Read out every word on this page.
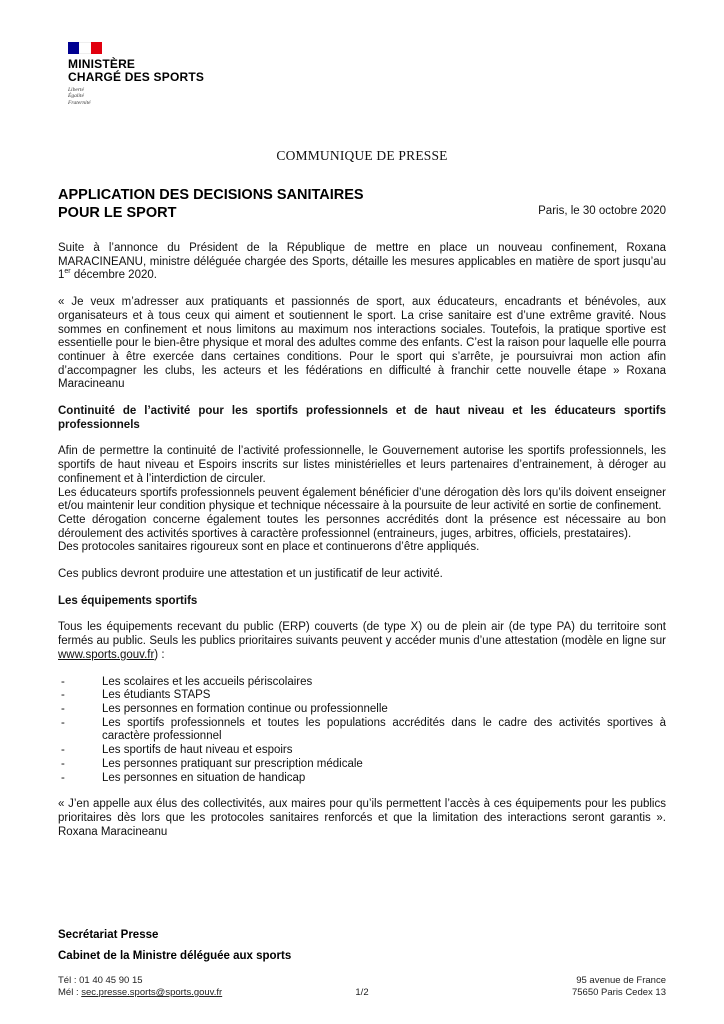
MINISTÈRE
CHARGÉ DES SPORTS
Liberté
Égalité
Fraternité
COMMUNIQUE DE PRESSE
APPLICATION DES DECISIONS SANITAIRES
POUR LE SPORT	Paris, le 30 octobre 2020

Suite à l’annonce du Président de la République de mettre en place un nouveau confinement, Roxana MARACINEANU, ministre déléguée chargée des Sports, détaille les mesures applicables en matière de sport jusqu’au 1er décembre 2020.

« Je veux m’adresser aux pratiquants et passionnés de sport, aux éducateurs, encadrants et bénévoles, aux organisateurs et à tous ceux qui aiment et soutiennent le sport. La crise sanitaire est d’une extrême gravité. Nous sommes en confinement et nous limitons au maximum nos interactions sociales. Toutefois, la pratique sportive est essentielle pour le bien-être physique et moral des adultes comme des enfants. C’est la raison pour laquelle elle pourra continuer à être exercée dans certaines conditions. Pour le sport qui s’arrête, je poursuivrai mon action afin d’accompagner les clubs, les acteurs et les fédérations en difficulté à franchir cette nouvelle étape » Roxana Maracineanu

Continuité de l’activité pour les sportifs professionnels et de haut niveau et les éducateurs sportifs professionnels

Afin de permettre la continuité de l’activité professionnelle, le Gouvernement autorise les sportifs professionnels, les sportifs de haut niveau et Espoirs inscrits sur listes ministérielles et leurs partenaires d’entrainement, à déroger au confinement et à l’interdiction de circuler.

Les éducateurs sportifs professionnels peuvent également bénéficier d’une dérogation dès lors qu’ils doivent enseigner et/ou maintenir leur condition physique et technique nécessaire à la poursuite de leur activité en sortie de confinement.

Cette dérogation concerne également toutes les personnes accrédités dont la présence est nécessaire au bon déroulement des activités sportives à caractère professionnel (entraineurs, juges, arbitres, officiels, prestataires).

Des protocoles sanitaires rigoureux sont en place et continuerons d’être appliqués.

Ces publics devront produire une attestation et un justificatif de leur activité.

Les équipements sportifs

Tous les équipements recevant du public (ERP) couverts (de type X) ou de plein air (de type PA) du territoire sont fermés au public. Seuls les publics prioritaires suivants peuvent y accéder munis d’une attestation (modèle en ligne sur www.sports.gouv.fr) :

-	Les scolaires et les accueils périscolaires
-	Les étudiants STAPS
-	Les personnes en formation continue ou professionnelle
-	Les sportifs professionnels et toutes les populations accrédités dans le cadre des activités sportives à caractère professionnel
-	Les sportifs de haut niveau et espoirs
-	Les personnes pratiquant sur prescription médicale
-	Les personnes en situation de handicap

« J’en appelle aux élus des collectivités, aux maires pour qu’ils permettent l’accès à ces équipements pour les publics prioritaires dès lors que les protocoles sanitaires renforcés et que la limitation des interactions seront garantis ». Roxana Maracineanu

Secrétariat Presse
Cabinet de la Ministre déléguée aux sports
Tél : 01 40 45 90 15
Mél : sec.presse.sports@sports.gouv.fr	1/2
95 avenue de France
75650 Paris Cedex 13
